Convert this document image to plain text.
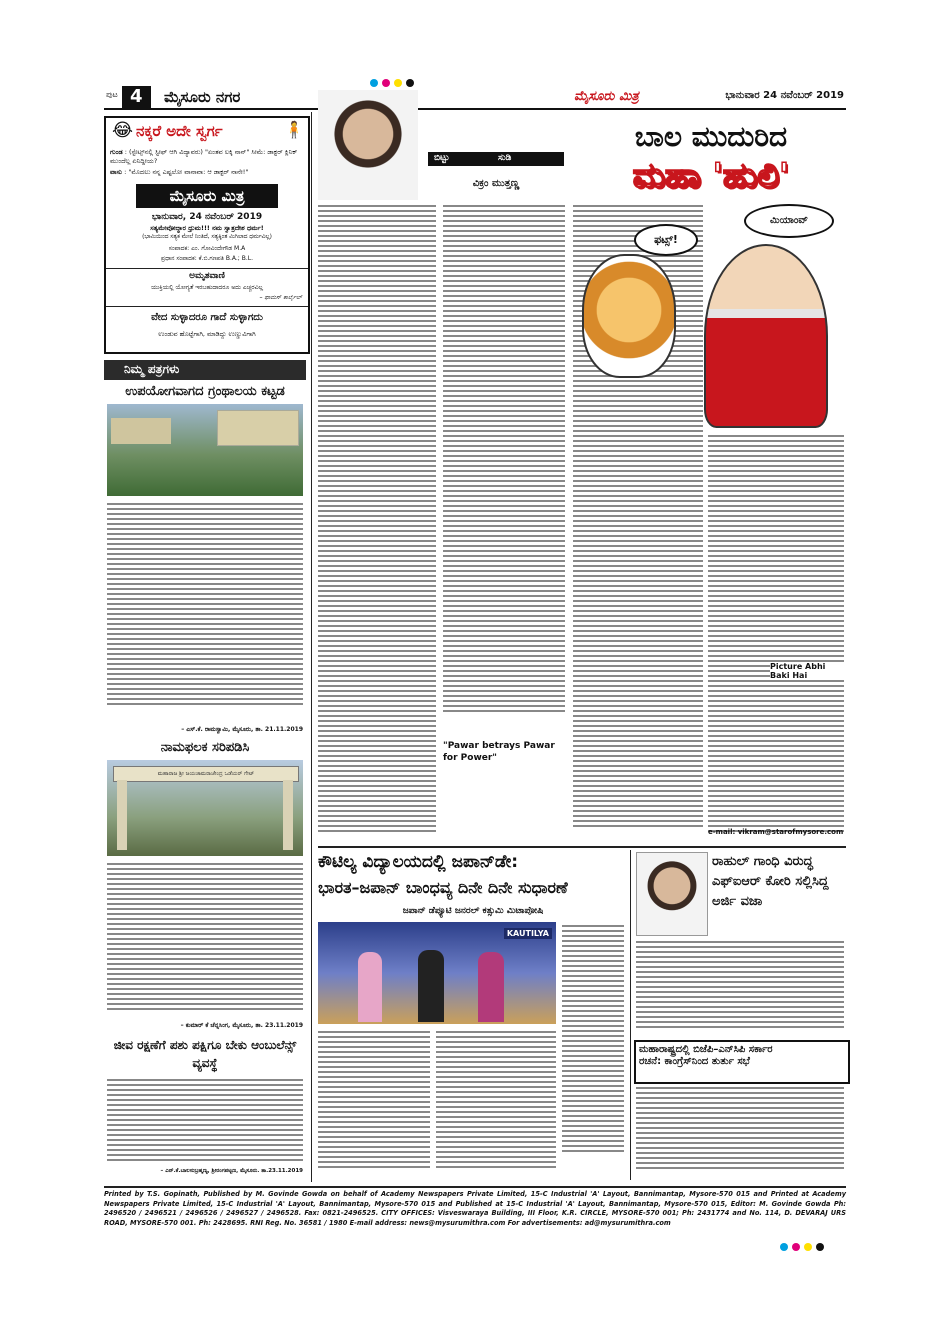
ಪುಟ 4	ಮೈಸೂರು ನಗರ	ಮೈಸೂರು ಮಿತ್ರ	ಭಾನುವಾರ 24 ನವೆಂಬರ್ 2019
😂 ನಕ್ಕರೆ ಅದೇ ಸ್ವರ್ಗ	🧍
ಗುಂಡ : (ಸ್ಟೇಟ್ಸ್‌ನಲ್ಲಿ ಸ್ಟೀಫ್ ಆಗಿ ವಿದ್ಯಾವರು) "ಏಂತವ ಲಕ್ಕಿ ನಾನ್" ಸೀಮೆ: ಡಾಕ್ಟರ್ ಕ್ಲಿನಿಕ್ ಮುಂದೆಲ್ಲ ಏನಿದ್ದೀಯ?
ವಾಸು : "ಮೊದಲು ನನ್ನ ಎಷ್ಟಲೋ ವಾನಾವಾ: ಆ ಡಾಕ್ಟರ್ ನಾನೇ!"
ಮೈಸೂರು ಮಿತ್ರ
ಭಾನುವಾರ, 24 ನವೆಂಬರ್ 2019
ಸತ್ಯಮೇವೋದ್ಧಾರ ಧ್ರುಮ!!! ನಮ ಸ್ವಾತ್ರದೇಶ ಧರ್ಮ!
(ಭಾಮಿಯಿಂದ ಸತ್ಯಕ ಮೇಲೆ ನಿಂತಿದೆ, ಸತ್ಯಕ್ಕಿಂತ ಮಿಗಿಲಾದ ಧರ್ಮವಿಲ್ಲ)
ಸಂಪಾದಕ: ಎಂ. ಗೋವಿಂದೇಗೌಡ M.A
ಪ್ರಧಾನ ಸಂಪಾದಕ: ಕೆ.ಬಿ.ಗಣಪತಿ B.A.; B.L.
ಅಮೃತವಾಣಿ
ಯುಕ್ತಿಯಲ್ಲಿ ಯೋಗ್ಯತೆ ಇರಬಹುದಾದರೂ ಅದು ಎಚ್ಚರವಿಲ್ಲ
– ಥಾಮಸ್ ಕಾರ್ಲೈಲ್
ವೇದ ಸುಳ್ಳಾದರೂ ಗಾದೆ ಸುಳ್ಳಾಗದು
ಉಂಡುವ ಹೊಟ್ಟೆಗಾಗಿ, ಮಾಡಿದ್ದು ಉಣ್ಣುವಿಗಾಗಿ
ನಿಮ್ಮ ಪತ್ರಗಳು
ಉಪಯೋಗವಾಗದ ಗ್ರಂಥಾಲಯ ಕಟ್ಟಡ
– ಎಸ್.ಕೆ. ರಾಮಸ್ವಾಮಿ, ಮೈಸೂರು, ತಾ. 21.11.2019
ನಾಮಫಲಕ ಸರಿಪಡಿಸಿ
ಮಹಾರಾಜ ಶ್ರೀ ಜಯಚಾಮರಾಜೇಂದ್ರ ಒಡೆಯರ್ ಗೇಟ್
– ಕುಮಾರ್ ಕೆ ಚೆನ್ನಸಿಂಗ, ಮೈಸೂರು, ತಾ. 23.11.2019
ಜೀವ ರಕ್ಷಣೆಗೆ ಪಶು ಪಕ್ಷಿಗೂ ಬೇಕು ಆಂಬುಲೆನ್ಸ್ ವ್ಯವಸ್ಥೆ
– ಎನ್.ಕೆ.ಬಾಲಸುಬ್ರಹ್ಮಣ್ಯ, ಶ್ರೀರಂಗಪಟ್ಟಣ, ಮೈಸೂರು. ತಾ.23.11.2019
ಬಿಟ್ಟು	ಸುಡಿ
ವಿಕ್ರಂ ಮುತ್ತಣ್ಣ
"Pawar betrays Pawar for Power"
ಬಾಲ ಮುದುರಿದ
ಮಹಾ 'ಹುಲಿ'
ಫಟ್ಸ್!
ಮಿಯಾಂವ್
Picture Abhi Baki Hai
e-mail: vikram@starofmysore.com
ಕೌಟಿಲ್ಯ ವಿದ್ಯಾಲಯದಲ್ಲಿ ಜಪಾನ್‌ಡೇ:
ಭಾರತ–ಜಪಾನ್ ಬಾಂಧವ್ಯ ದಿನೇ ದಿನೇ ಸುಧಾರಣೆ
ಜಪಾನ್ ಡೆಪ್ಯೂಟಿ ಜನರಲ್ ಕತ್ಸುಮಿ ಮಿಟಾಪೋಷಿ
KAUTILYA
ರಾಹುಲ್ ಗಾಂಧಿ ವಿರುದ್ಧ ಎಫ್‌ಐಆರ್ ಕೋರಿ ಸಲ್ಲಿಸಿದ್ದ ಅರ್ಜಿ ವಜಾ
ಮಹಾರಾಷ್ಟ್ರದಲ್ಲಿ ಬಿಜೆಪಿ–ಎನ್‌ಸಿಪಿ ಸರ್ಕಾರ
ರಚನೆ: ಕಾಂಗ್ರೆಸ್‌ನಿಂದ ತುರ್ತು ಸಭೆ
Printed by T.S. Gopinath, Published by M. Govinde Gowda on behalf of Academy Newspapers Private Limited, 15-C Industrial 'A' Layout, Bannimantap, Mysore-570 015 and Printed at Academy Newspapers Private Limited, 15-C Industrial 'A' Layout, Bannimantap, Mysore-570 015 and Published at 15-C Industrial 'A' Layout, Bannimantap, Mysore-570 015, Editor: M. Govinde Gowda Ph: 2496520 / 2496521 / 2496526 / 2496527 / 2496528. Fax: 0821-2496525. CITY OFFICES: Visveswaraya Building, III Floor, K.R. CIRCLE, MYSORE-570 001; Ph: 2431774 and No. 114, D. DEVARAJ URS ROAD, MYSORE-570 001. Ph: 2428695. RNI Reg. No. 36581 / 1980 E-mail address: news@mysurumithra.com For advertisements: ad@mysurumithra.com
